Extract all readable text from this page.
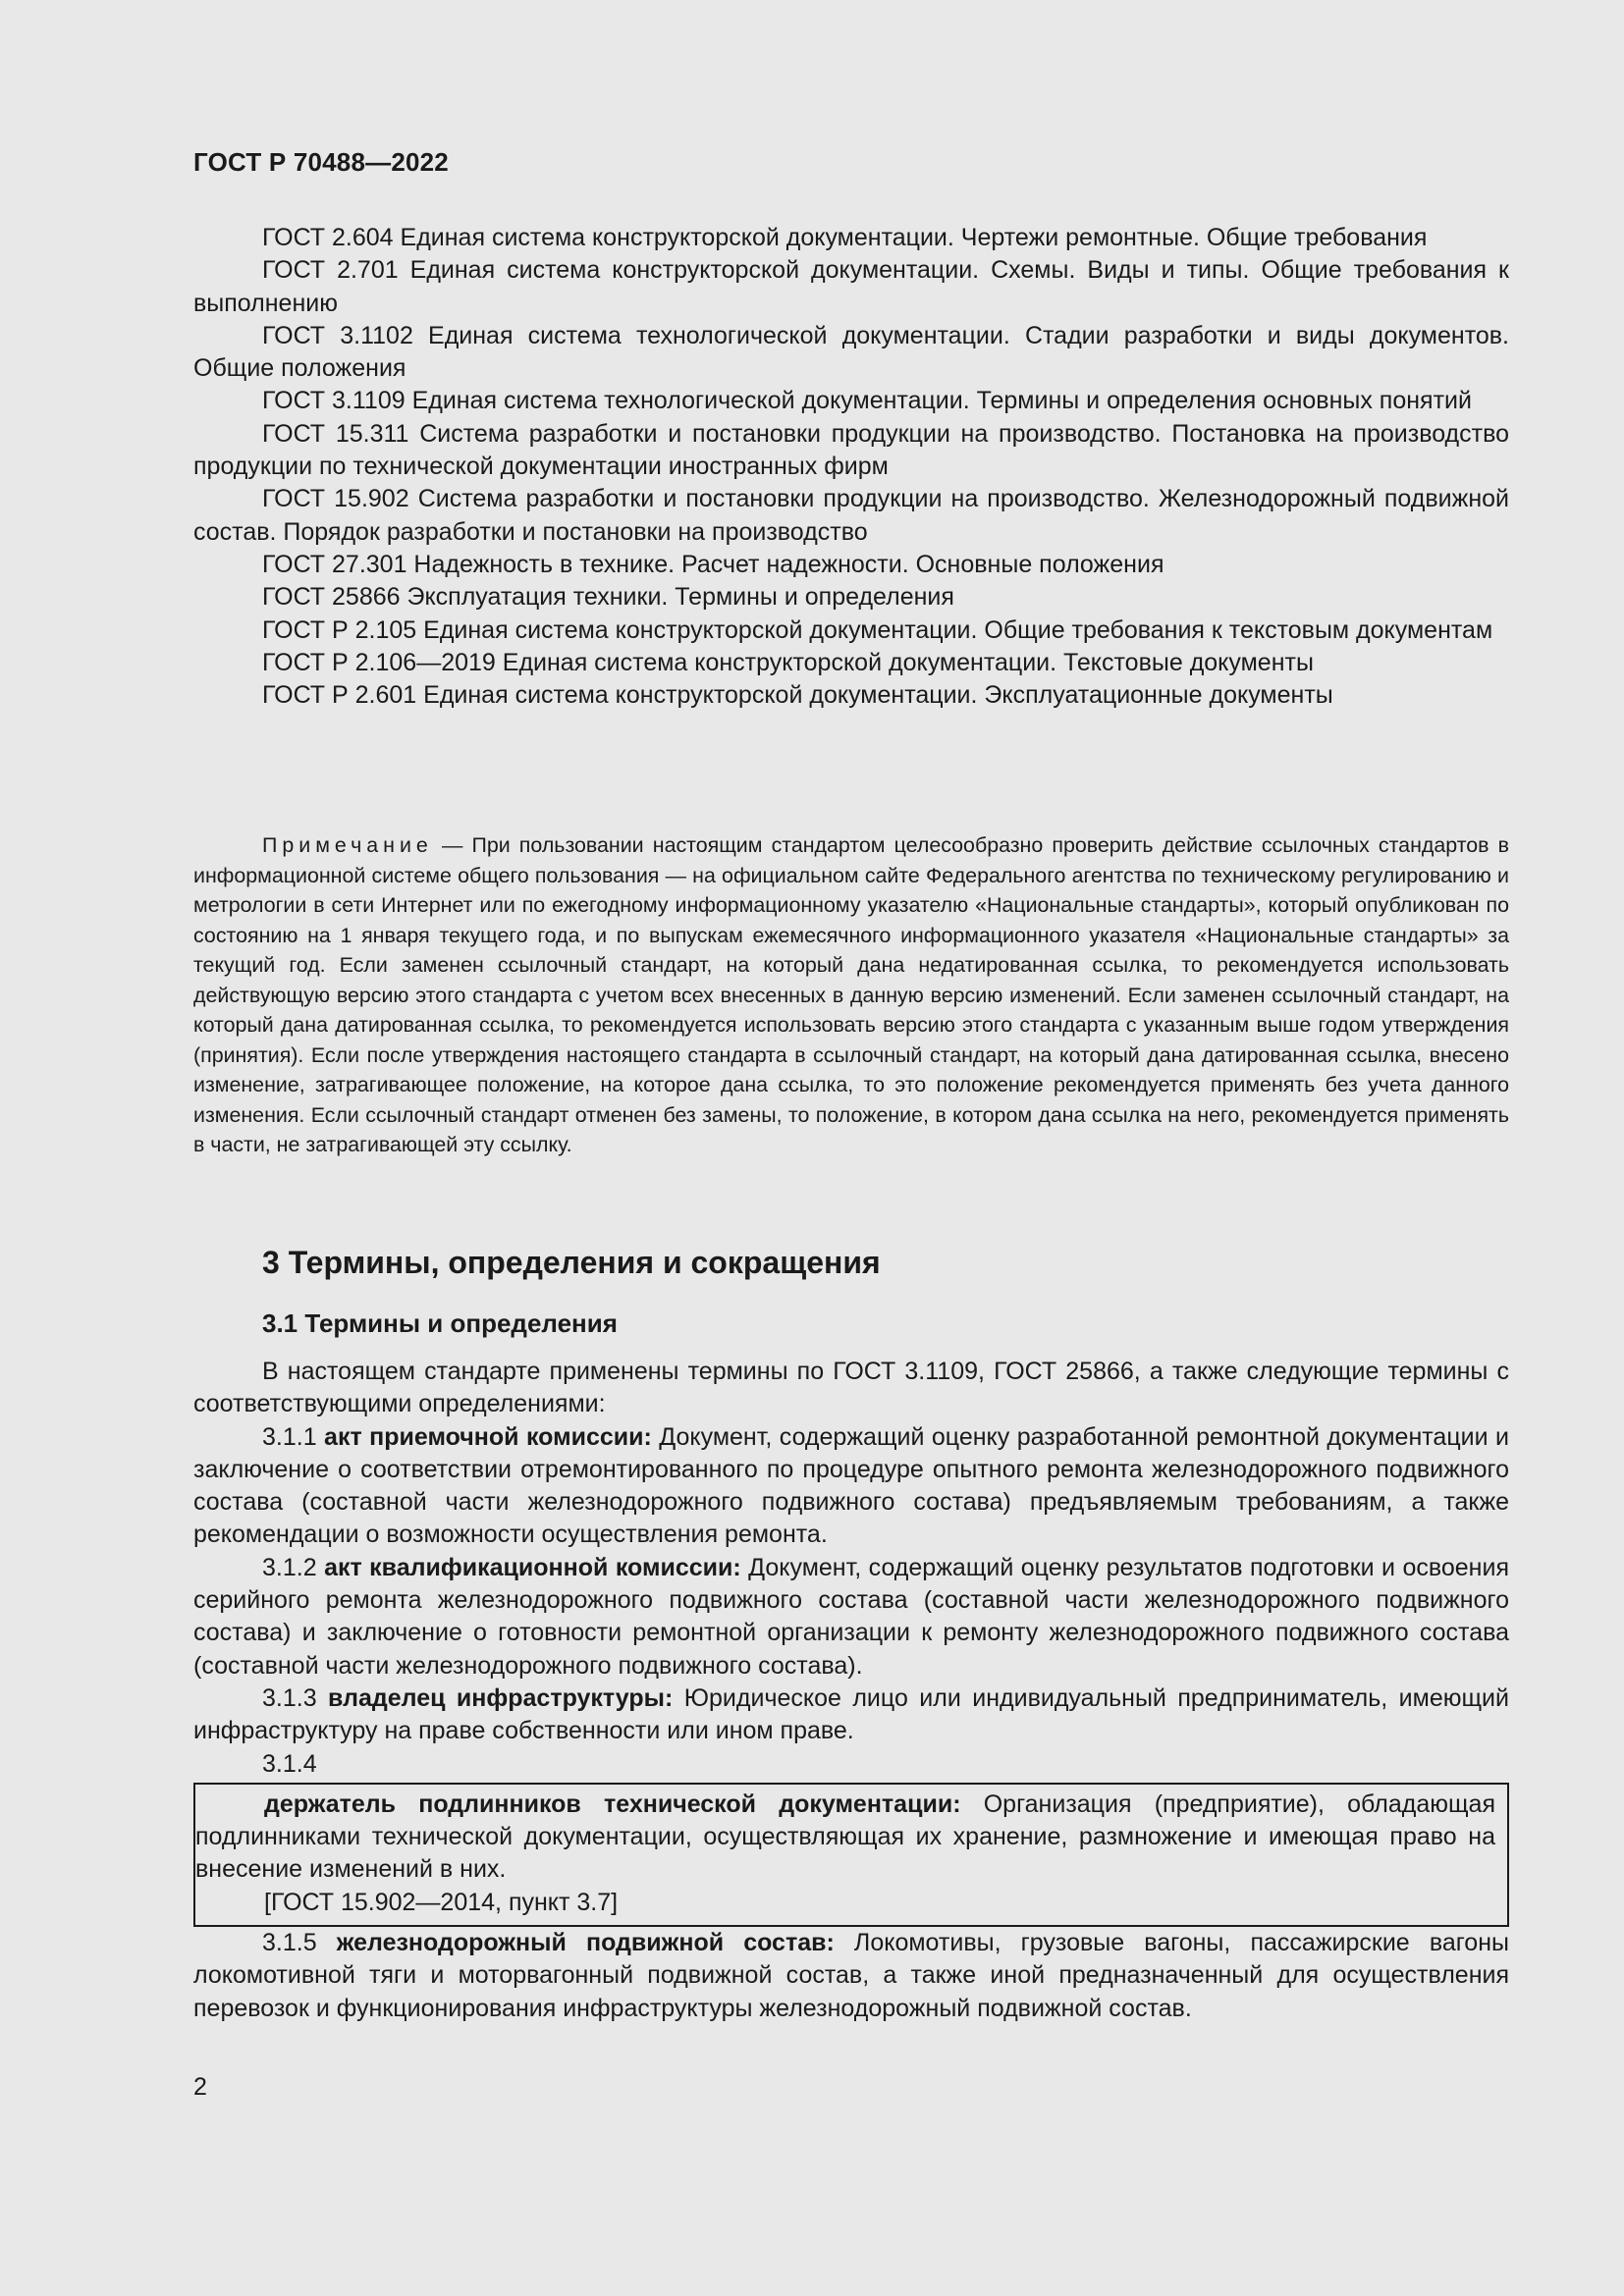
ГОСТ Р 70488—2022

ГОСТ 2.604 Единая система конструкторской документации. Чертежи ремонтные. Общие требования

ГОСТ 2.701 Единая система конструкторской документации. Схемы. Виды и типы. Общие требования к выполнению

ГОСТ 3.1102 Единая система технологической документации. Стадии разработки и виды документов. Общие положения

ГОСТ 3.1109 Единая система технологической документации. Термины и определения основных понятий

ГОСТ 15.311 Система разработки и постановки продукции на производство. Постановка на производство продукции по технической документации иностранных фирм

ГОСТ 15.902 Система разработки и постановки продукции на производство. Железнодорожный подвижной состав. Порядок разработки и постановки на производство

ГОСТ 27.301 Надежность в технике. Расчет надежности. Основные положения

ГОСТ 25866 Эксплуатация техники. Термины и определения

ГОСТ Р 2.105 Единая система конструкторской документации. Общие требования к текстовым документам

ГОСТ Р 2.106—2019 Единая система конструкторской документации. Текстовые документы

ГОСТ Р 2.601 Единая система конструкторской документации. Эксплуатационные документы

Примечание — При пользовании настоящим стандартом целесообразно проверить действие ссылочных стандартов в информационной системе общего пользования — на официальном сайте Федерального агентства по техническому регулированию и метрологии в сети Интернет или по ежегодному информационному указателю «Национальные стандарты», который опубликован по состоянию на 1 января текущего года, и по выпускам ежемесячного информационного указателя «Национальные стандарты» за текущий год. Если заменен ссылочный стандарт, на который дана недатированная ссылка, то рекомендуется использовать действующую версию этого стандарта с учетом всех внесенных в данную версию изменений. Если заменен ссылочный стандарт, на который дана датированная ссылка, то рекомендуется использовать версию этого стандарта с указанным выше годом утверждения (принятия). Если после утверждения настоящего стандарта в ссылочный стандарт, на который дана датированная ссылка, внесено изменение, затрагивающее положение, на которое дана ссылка, то это положение рекомендуется применять без учета данного изменения. Если ссылочный стандарт отменен без замены, то положение, в котором дана ссылка на него, рекомендуется применять в части, не затрагивающей эту ссылку.

3 Термины, определения и сокращения
3.1 Термины и определения

В настоящем стандарте применены термины по ГОСТ 3.1109, ГОСТ 25866, а также следующие термины с соответствующими определениями:

3.1.1 акт приемочной комиссии: Документ, содержащий оценку разработанной ремонтной документации и заключение о соответствии отремонтированного по процедуре опытного ремонта железнодорожного подвижного состава (составной части железнодорожного подвижного состава) предъявляемым требованиям, а также рекомендации о возможности осуществления ремонта.

3.1.2 акт квалификационной комиссии: Документ, содержащий оценку результатов подготовки и освоения серийного ремонта железнодорожного подвижного состава (составной части железнодорожного подвижного состава) и заключение о готовности ремонтной организации к ремонту железнодорожного подвижного состава (составной части железнодорожного подвижного состава).

3.1.3 владелец инфраструктуры: Юридическое лицо или индивидуальный предприниматель, имеющий инфраструктуру на праве собственности или ином праве.

3.1.4

держатель подлинников технической документации: Организация (предприятие), обладающая подлинниками технической документации, осуществляющая их хранение, размножение и имеющая право на внесение изменений в них.

[ГОСТ 15.902—2014, пункт 3.7]

3.1.5 железнодорожный подвижной состав: Локомотивы, грузовые вагоны, пассажирские вагоны локомотивной тяги и моторвагонный подвижной состав, а также иной предназначенный для осуществления перевозок и функционирования инфраструктуры железнодорожный подвижной состав.

2
